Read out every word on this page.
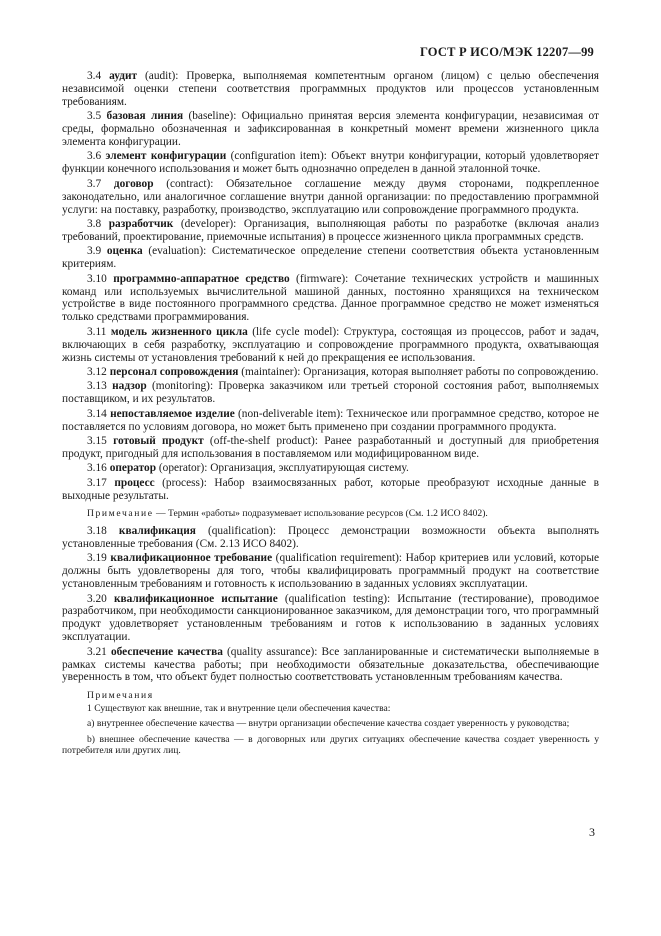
ГОСТ Р ИСО/МЭК 12207—99

3.4 аудит (audit): Проверка, выполняемая компетентным органом (лицом) с целью обеспечения независимой оценки степени соответствия программных продуктов или процессов установленным требованиям.

3.5 базовая линия (baseline): Официально принятая версия элемента конфигурации, независимая от среды, формально обозначенная и зафиксированная в конкретный момент времени жизненного цикла элемента конфигурации.

3.6 элемент конфигурации (configuration item): Объект внутри конфигурации, который удовлетворяет функции конечного использования и может быть однозначно определен в данной эталонной точке.

3.7 договор (contract): Обязательное соглашение между двумя сторонами, подкрепленное законодательно, или аналогичное соглашение внутри данной организации: по предоставлению программной услуги: на поставку, разработку, производство, эксплуатацию или сопровождение программного продукта.

3.8 разработчик (developer): Организация, выполняющая работы по разработке (включая анализ требований, проектирование, приемочные испытания) в процессе жизненного цикла программных средств.

3.9 оценка (evaluation): Систематическое определение степени соответствия объекта установленным критериям.

3.10 программно-аппаратное средство (firmware): Сочетание технических устройств и машинных команд или используемых вычислительной машиной данных, постоянно хранящихся на техническом устройстве в виде постоянного программного средства. Данное программное средство не может изменяться только средствами программирования.

3.11 модель жизненного цикла (life cycle model): Структура, состоящая из процессов, работ и задач, включающих в себя разработку, эксплуатацию и сопровождение программного продукта, охватывающая жизнь системы от установления требований к ней до прекращения ее использования.

3.12 персонал сопровождения (maintainer): Организация, которая выполняет работы по сопровождению.

3.13 надзор (monitoring): Проверка заказчиком или третьей стороной состояния работ, выполняемых поставщиком, и их результатов.

3.14 непоставляемое изделие (non-deliverable item): Техническое или программное средство, которое не поставляется по условиям договора, но может быть применено при создании программного продукта.

3.15 готовый продукт (off-the-shelf product): Ранее разработанный и доступный для приобретения продукт, пригодный для использования в поставляемом или модифицированном виде.

3.16 оператор (operator): Организация, эксплуатирующая систему.

3.17 процесс (process): Набор взаимосвязанных работ, которые преобразуют исходные данные в выходные результаты.

Примечание — Термин «работы» подразумевает использование ресурсов (См. 1.2 ИСО 8402).

3.18 квалификация (qualification): Процесс демонстрации возможности объекта выполнять установленные требования (См. 2.13 ИСО 8402).

3.19 квалификационное требование (qualification requirement): Набор критериев или условий, которые должны быть удовлетворены для того, чтобы квалифицировать программный продукт на соответствие установленным требованиям и готовность к использованию в заданных условиях эксплуатации.

3.20 квалификационное испытание (qualification testing): Испытание (тестирование), проводимое разработчиком, при необходимости санкционированное заказчиком, для демонстрации того, что программный продукт удовлетворяет установленным требованиям и готов к использованию в заданных условиях эксплуатации.

3.21 обеспечение качества (quality assurance): Все запланированные и систематически выполняемые в рамках системы качества работы; при необходимости обязательные доказательства, обеспечивающие уверенность в том, что объект будет полностью соответствовать установленным требованиям качества.

Примечания

1 Существуют как внешние, так и внутренние цели обеспечения качества:

a) внутреннее обеспечение качества — внутри организации обеспечение качества создает уверенность у руководства;

b) внешнее обеспечение качества — в договорных или других ситуациях обеспечение качества создает уверенность у потребителя или других лиц.

3
